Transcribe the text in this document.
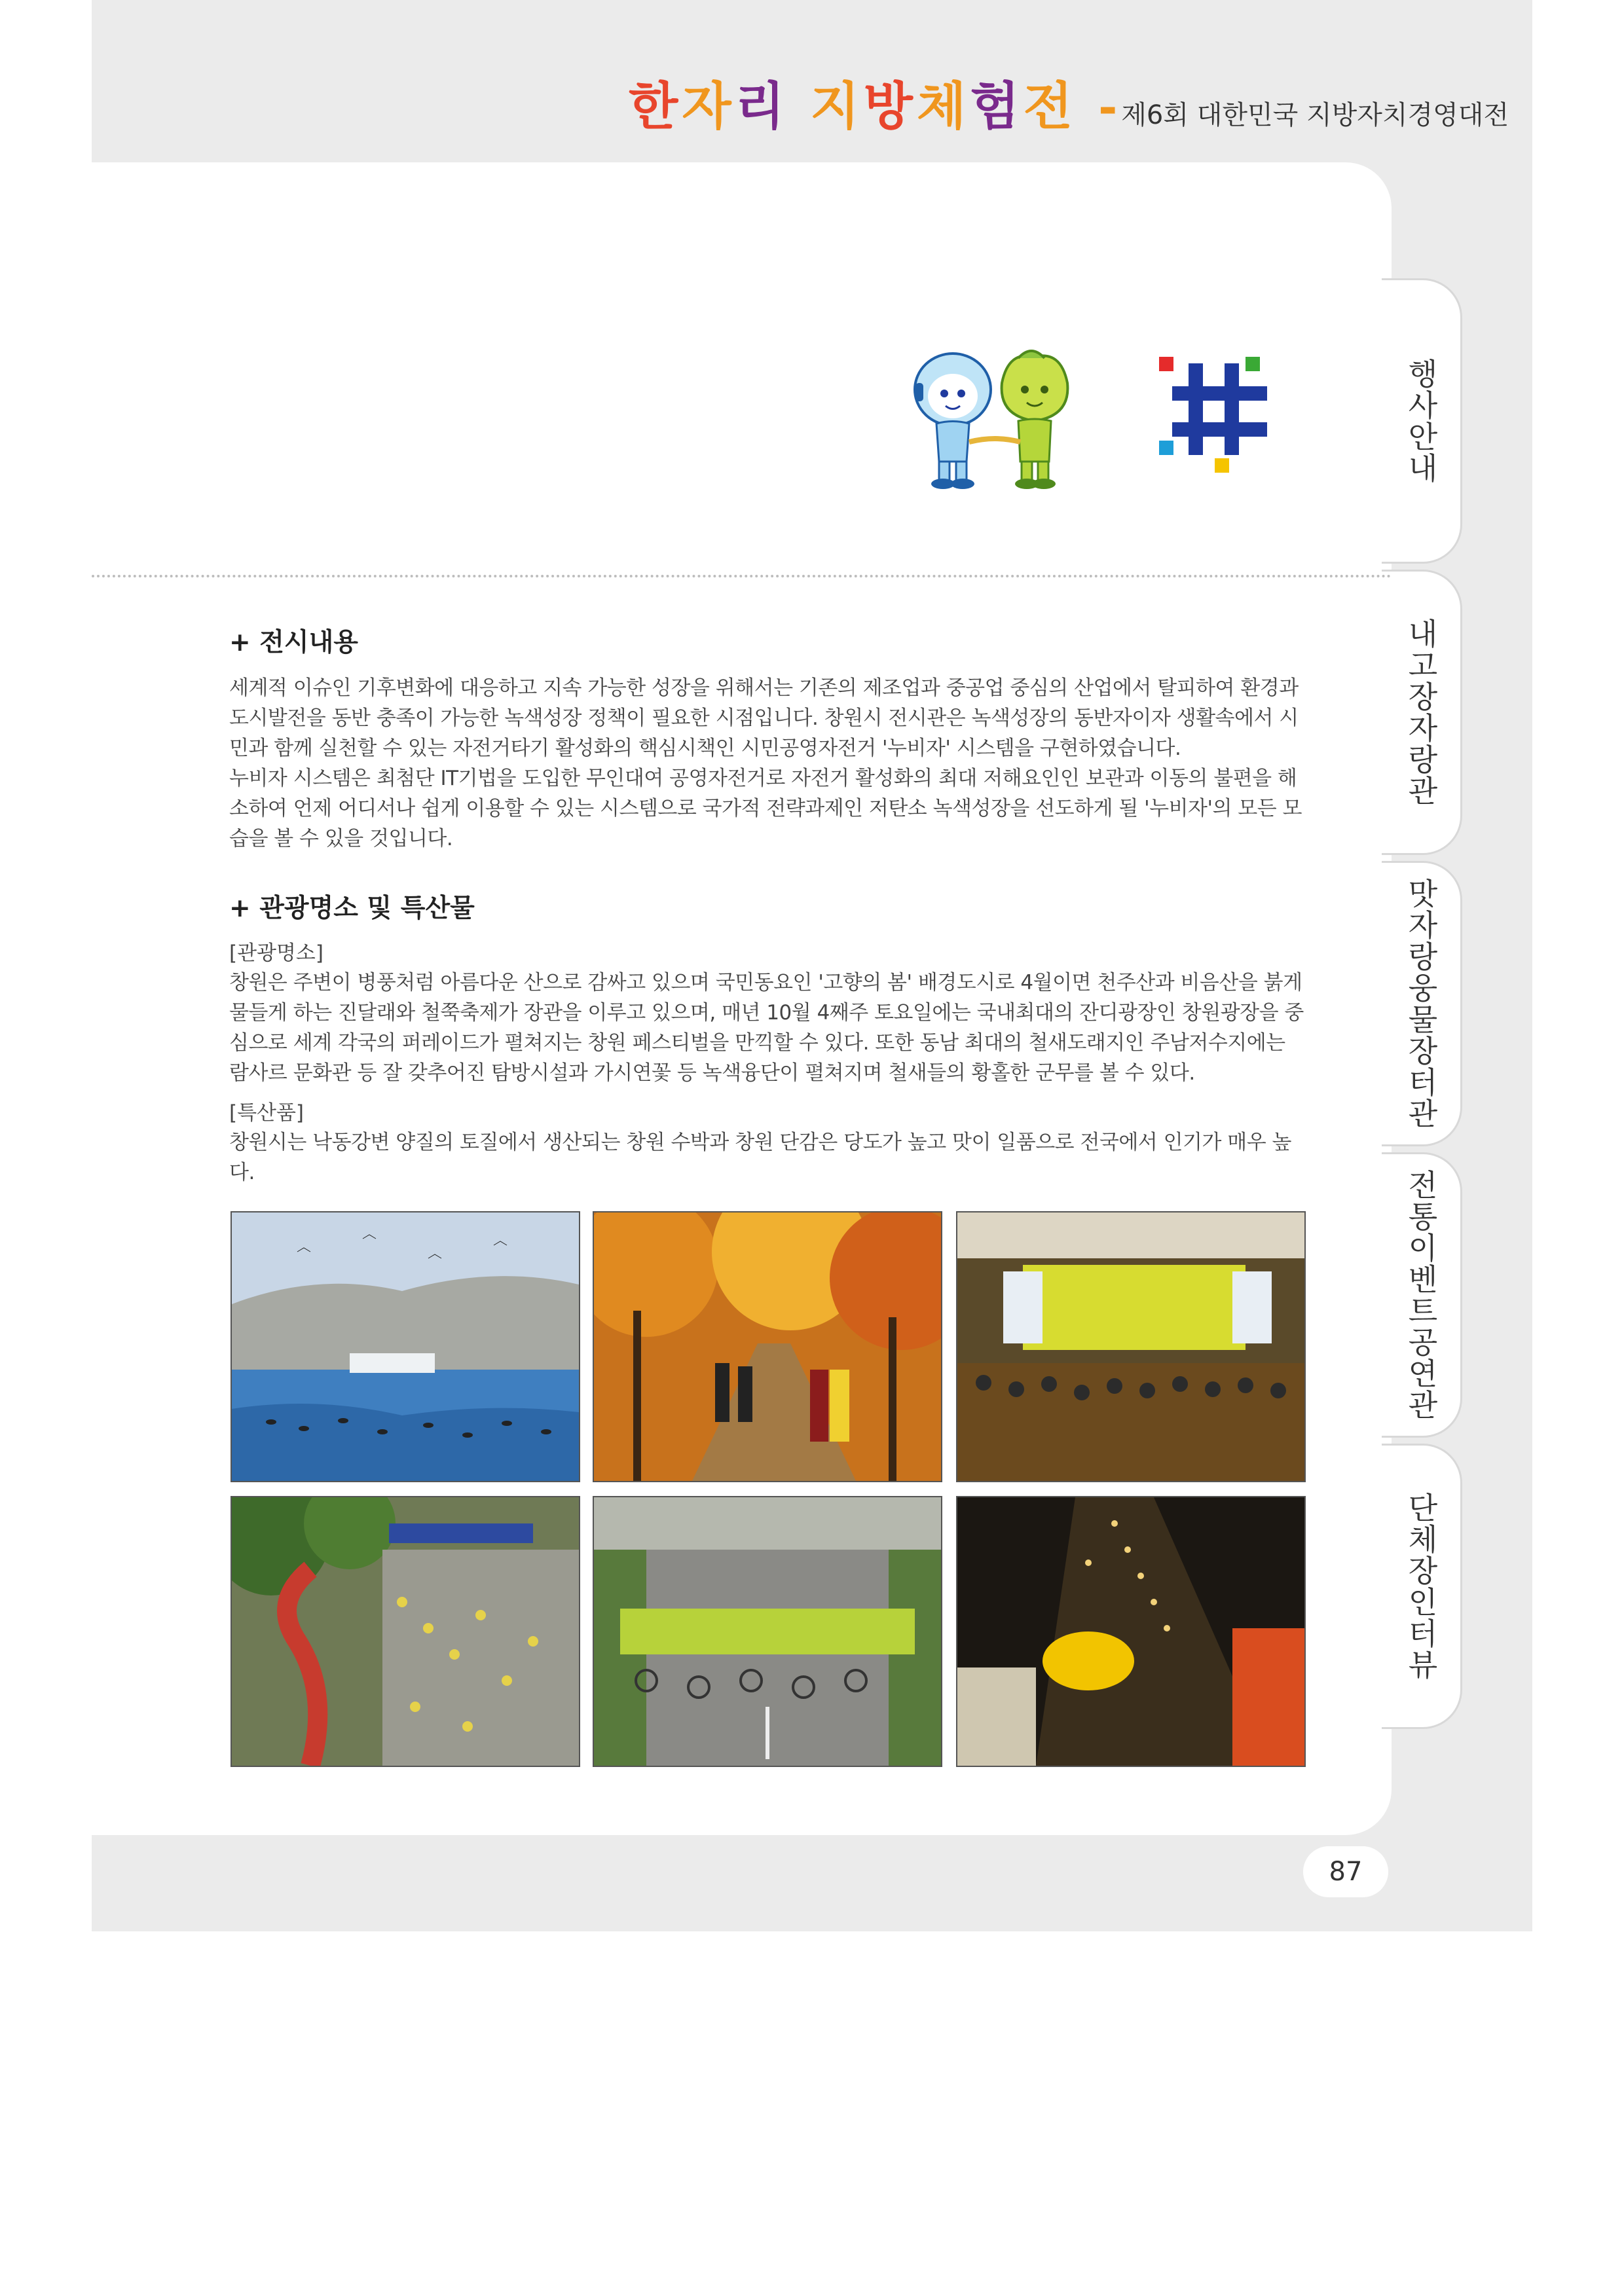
한자리 지방체험전 - 제6회 대한민국 지방자치경영대전
행사안내
내고장자랑관
맛자랑웅물장터관
전통이벤트공연관
단체장인터뷰
+ 전시내용

세계적 이슈인 기후변화에 대응하고 지속 가능한 성장을 위해서는 기존의 제조업과 중공업 중심의 산업에서 탈피하여 환경과 도시발전을 동반 충족이 가능한 녹색성장 정책이 필요한 시점입니다. 창원시 전시관은 녹색성장의 동반자이자 생활속에서 시민과 함께 실천할 수 있는 자전거타기 활성화의 핵심시책인 시민공영자전거 '누비자' 시스템을 구현하였습니다.

누비자 시스템은 최첨단 IT기법을 도입한 무인대여 공영자전거로 자전거 활성화의 최대 저해요인인 보관과 이동의 불편을 해소하여 언제 어디서나 쉽게 이용할 수 있는 시스템으로 국가적 전략과제인 저탄소 녹색성장을 선도하게 될 '누비자'의 모든 모습을 볼 수 있을 것입니다.

+ 관광명소 및 특산물

[관광명소]

창원은 주변이 병풍처럼 아름다운 산으로 감싸고 있으며 국민동요인 '고향의 봄' 배경도시로 4월이면 천주산과 비음산을 붉게 물들게 하는 진달래와 철쭉축제가 장관을 이루고 있으며, 매년 10월 4째주 토요일에는 국내최대의 잔디광장인 창원광장을 중심으로 세계 각국의 퍼레이드가 펼쳐지는 창원 페스티벌을 만끽할 수 있다. 또한 동남 최대의 철새도래지인 주남저수지에는 람사르 문화관 등 잘 갖추어진 탐방시설과 가시연꽃 등 녹색융단이 펼쳐지며 철새들의 황홀한 군무를 볼 수 있다.

[특산품]

창원시는 낙동강변 양질의 토질에서 생산되는 창원 수박과 창원 단감은 당도가 높고 맛이 일품으로 전국에서 인기가 매우 높다.

87
